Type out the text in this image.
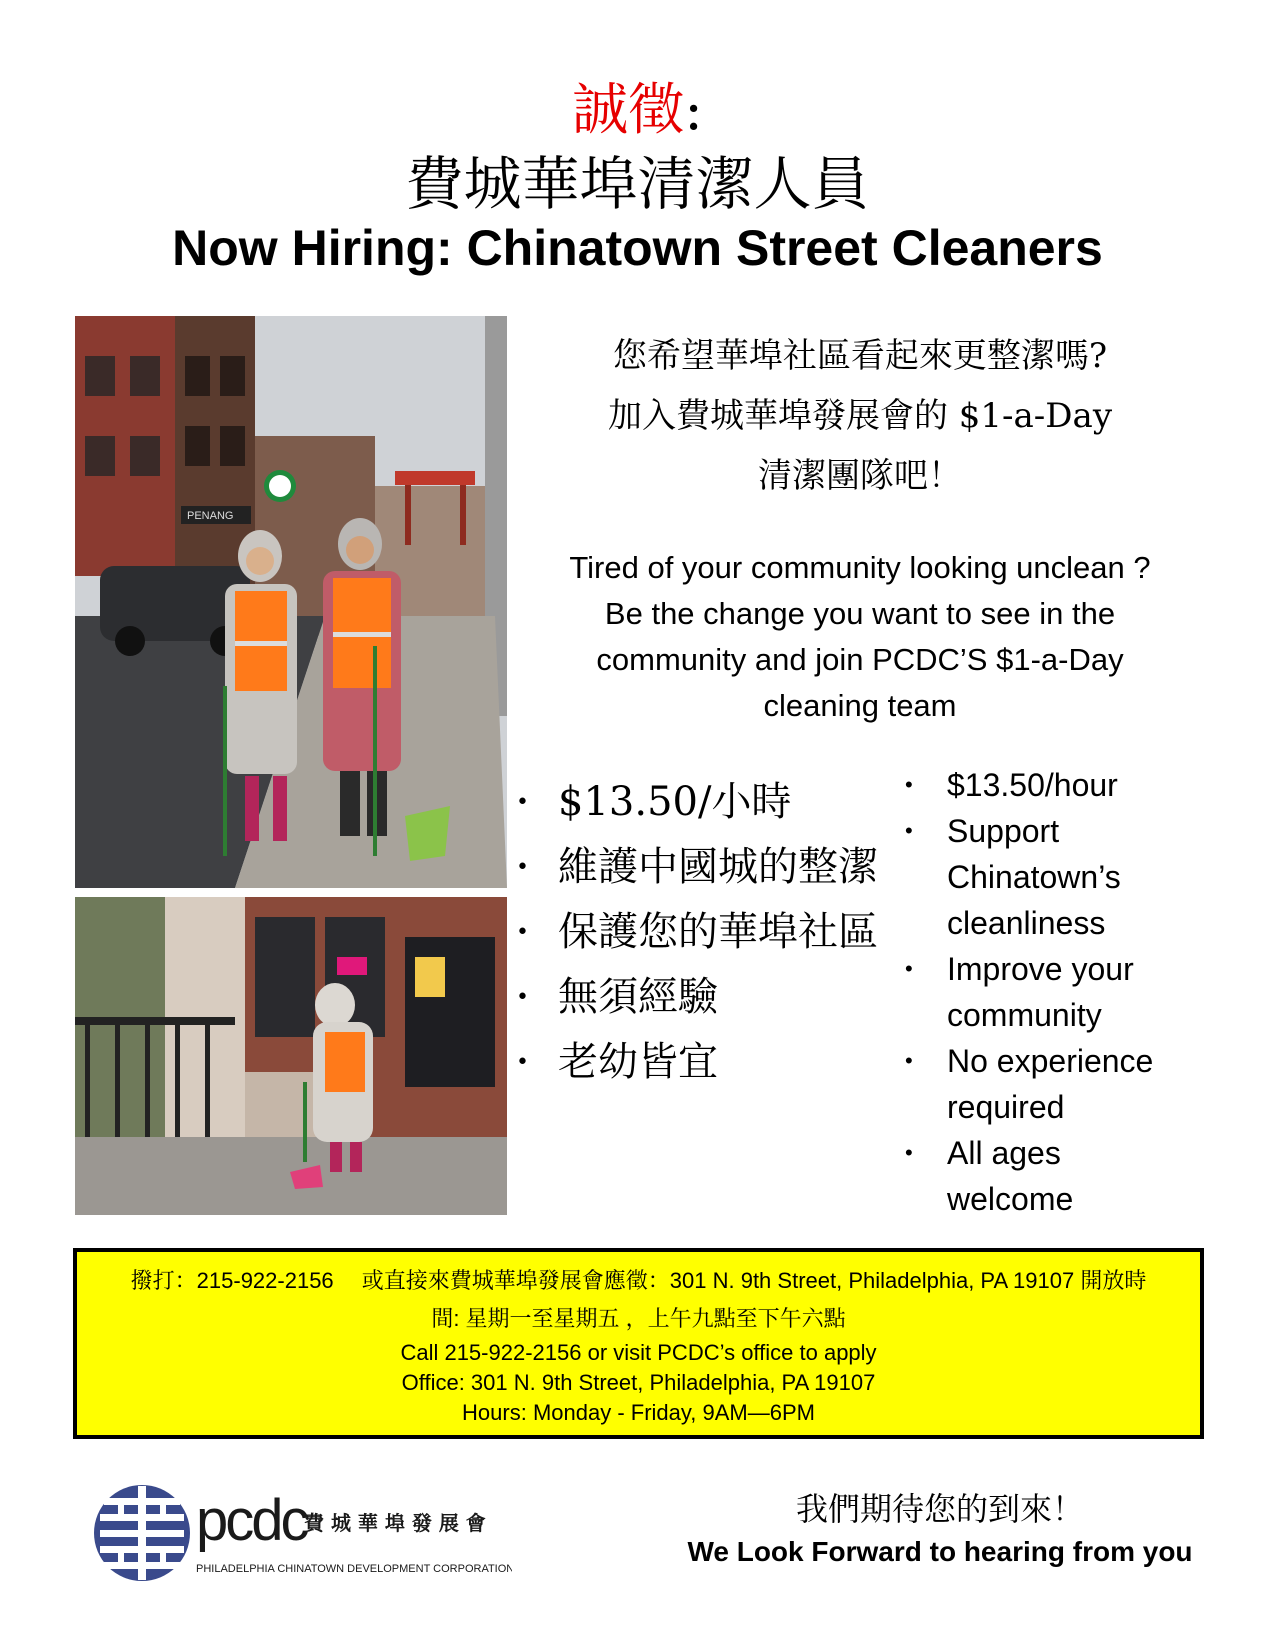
誠徵:
費城華埠清潔人員
Now Hiring: Chinatown Street Cleaners
PENANG
您希望華埠社區看起來更整潔嗎?
加入費城華埠發展會的 $1-a-Day
清潔團隊吧！
Tired of your community looking unclean ?
Be the change you want to see in the
community and join PCDC’S $1-a-Day
cleaning team
• $13.50/小時
• 維護中國城的整潔
• 保護您的華埠社區
• 無須經驗
• 老幼皆宜
• $13.50/hour
• Support
Chinatown’s
cleanliness
• Improve your
community
• No experience
required
• All ages
welcome
撥打：215-922-2156　 或直接來費城華埠發展會應徵：301 N. 9th Street, Philadelphia, PA 19107 開放時
間: 星期一至星期五 ，上午九點至下午六點
Call 215-922-2156 or visit PCDC’s office to apply
Office: 301 N. 9th Street, Philadelphia, PA 19107
Hours: Monday - Friday, 9AM—6PM
pcdc
費 城 華 埠 發 展 會
PHILADELPHIA CHINATOWN DEVELOPMENT CORPORATION
我們期待您的到來！
We Look Forward to hearing from you
